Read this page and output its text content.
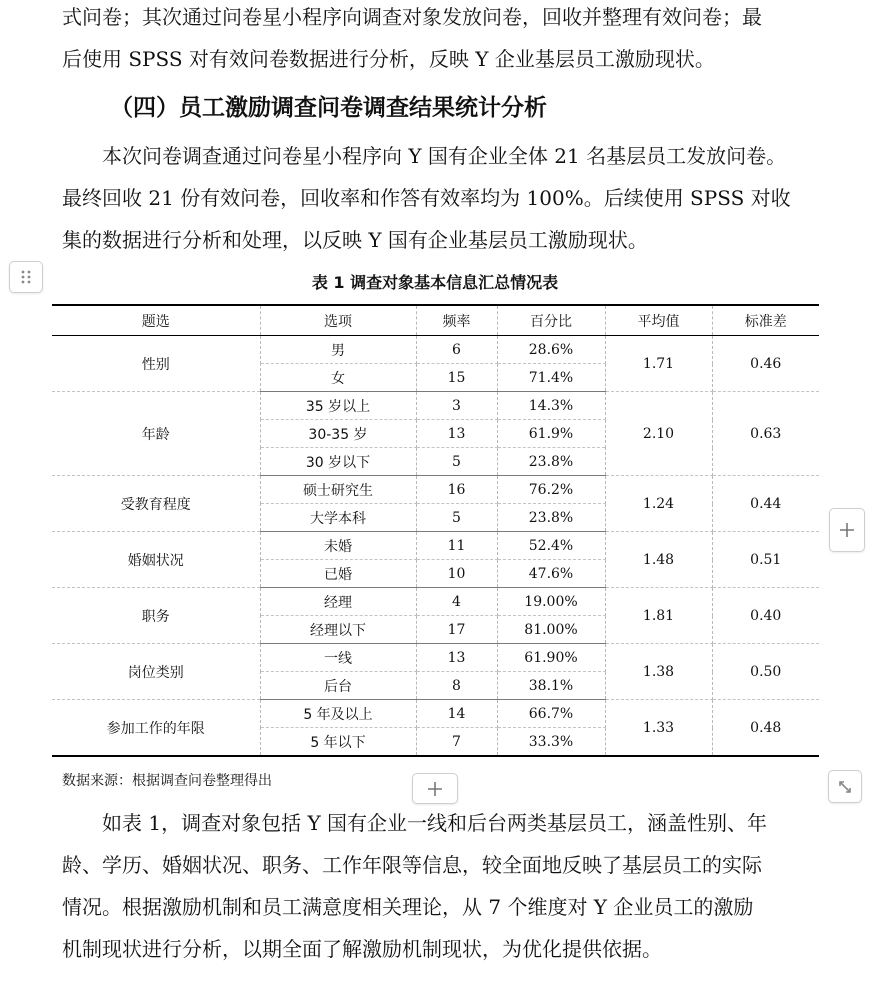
式问卷；其次通过问卷星小程序向调查对象发放问卷，回收并整理有效问卷；最
后使用 SPSS 对有效问卷数据进行分析，反映 Y 企业基层员工激励现状。

（四）员工激励调查问卷调查结果统计分析

　　本次问卷调查通过问卷星小程序向 Y 国有企业全体 21 名基层员工发放问卷。
最终回收 21 份有效问卷，回收率和作答有效率均为 100%。后续使用 SPSS 对收
集的数据进行分析和处理，以反映 Y 国有企业基层员工激励现状。

表 1 调查对象基本信息汇总情况表

题选	选项	频率	百分比	平均值	标准差
性别	男	6	28.6%	1.71	0.46
	女	15	71.4%		
年龄	35 岁以上	3	14.3%	2.10	0.63
	30-35 岁	13	61.9%		
	30 岁以下	5	23.8%		
受教育程度	硕士研究生	16	76.2%	1.24	0.44
	大学本科	5	23.8%		
婚姻状况	未婚	11	52.4%	1.48	0.51
	已婚	10	47.6%		
职务	经理	4	19.00%	1.81	0.40
	经理以下	17	81.00%		
岗位类别	一线	13	61.90%	1.38	0.50
	后台	8	38.1%		
参加工作的年限	5 年及以上	14	66.7%	1.33	0.48
	5 年以下	7	33.3%		

数据来源：根据调查问卷整理得出

　　如表 1，调查对象包括 Y 国有企业一线和后台两类基层员工，涵盖性别、年
龄、学历、婚姻状况、职务、工作年限等信息，较全面地反映了基层员工的实际
情况。根据激励机制和员工满意度相关理论，从 7 个维度对 Y 企业员工的激励
机制现状进行分析，以期全面了解激励机制现状，为优化提供依据。
